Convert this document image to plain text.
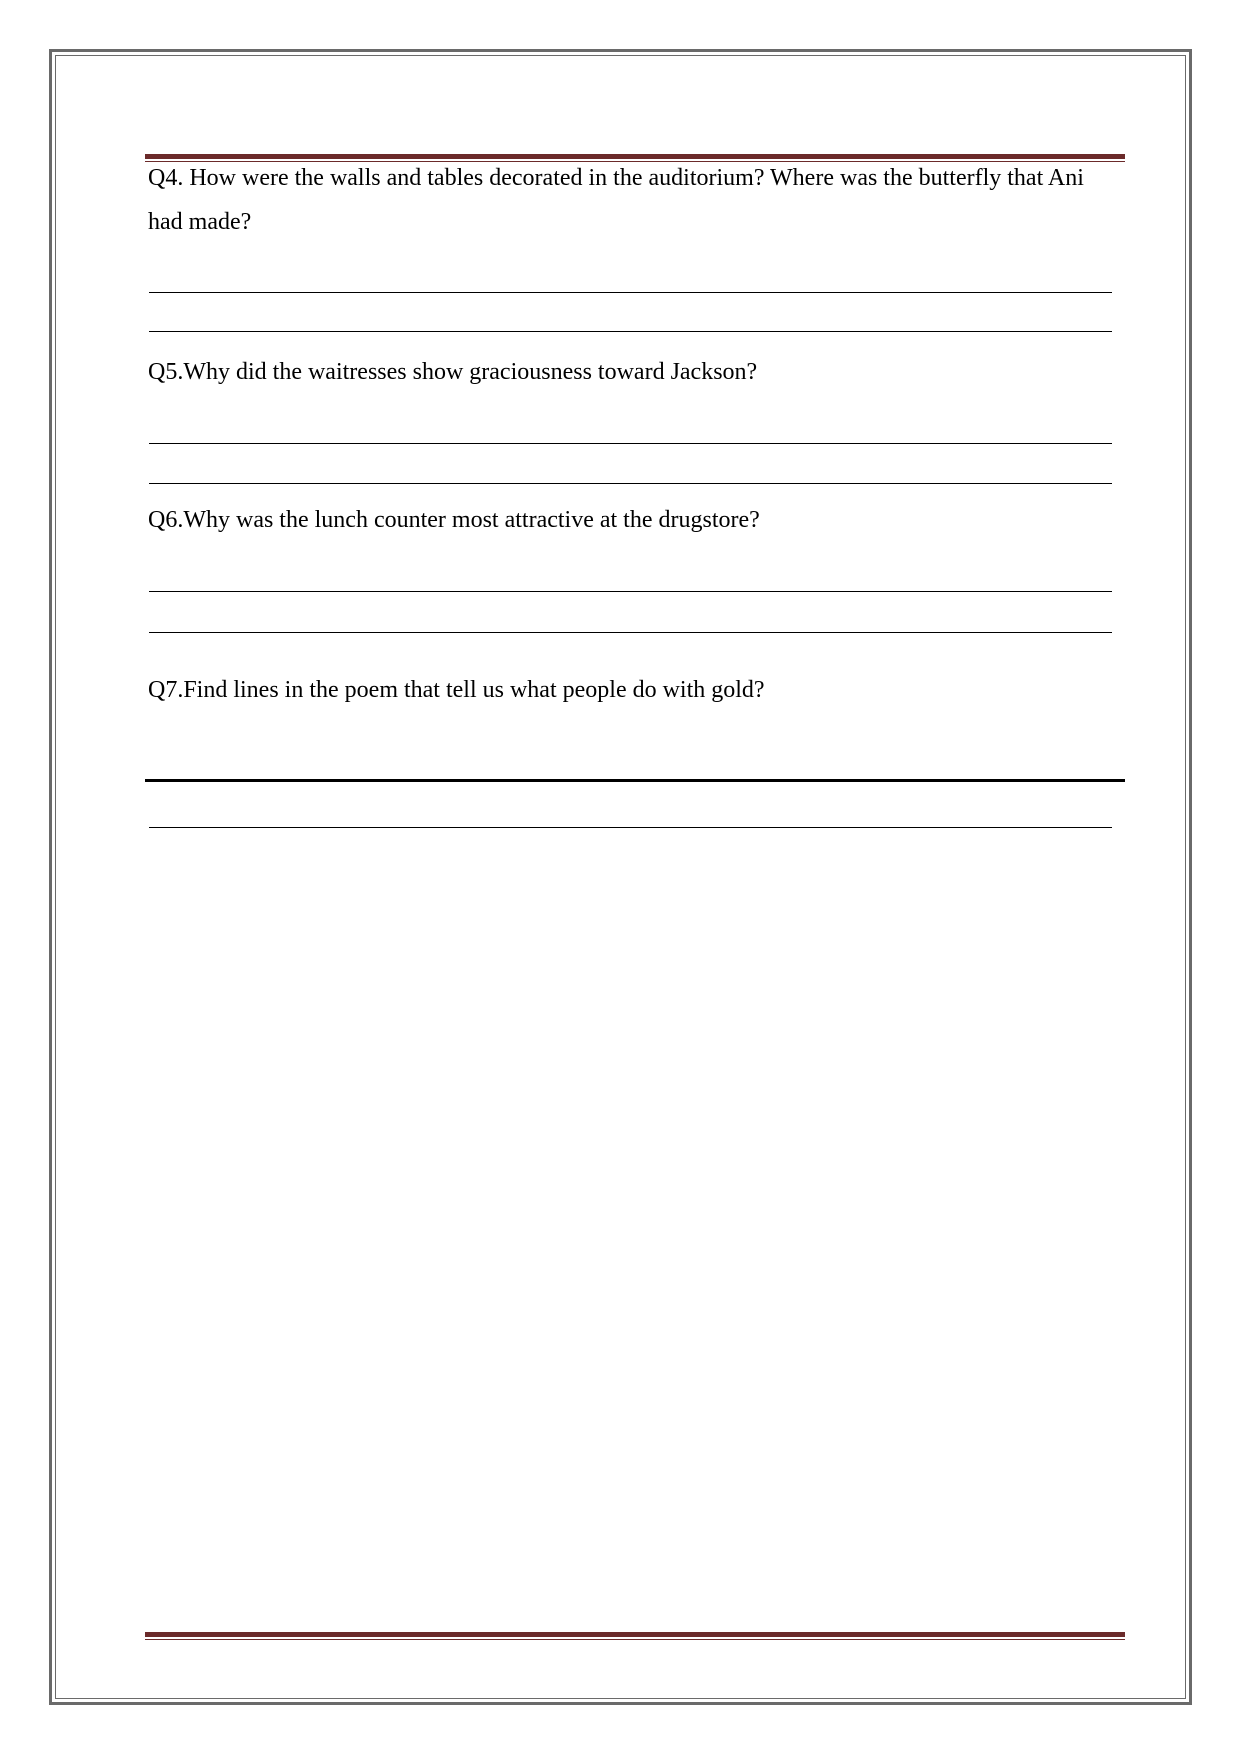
Q4. How were the walls and tables decorated in the auditorium? Where was the butterfly that Ani had made?

Q5.Why did the waitresses show graciousness toward Jackson?

Q6.Why was the lunch counter most attractive at the drugstore?

Q7.Find lines in the poem that tell us what people do with gold?
